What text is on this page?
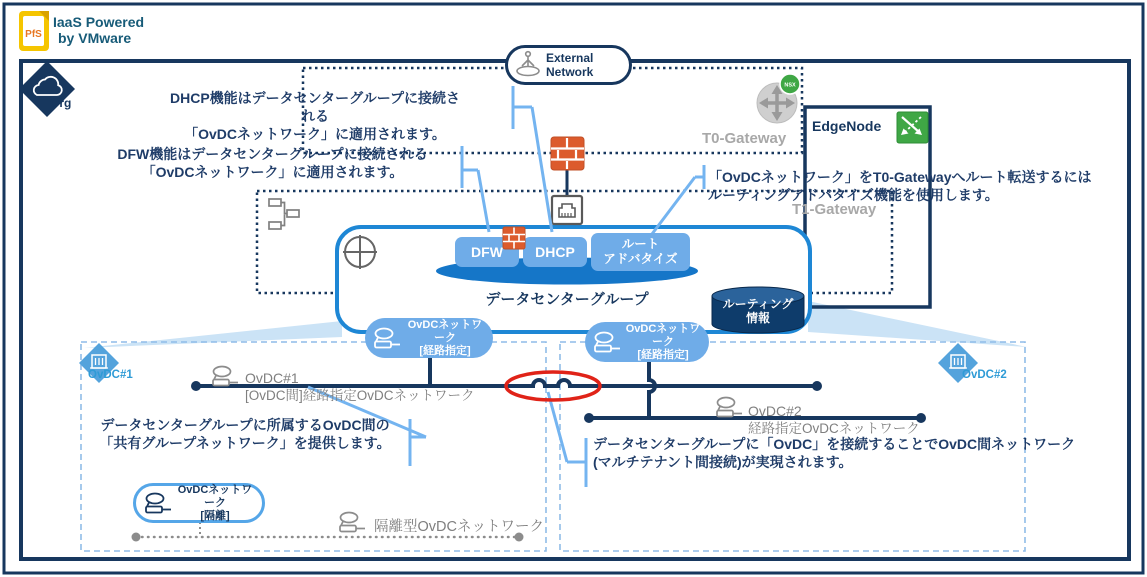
PfS
NSX
IaaS Powered
by VMware
Org
External
Network
T0-Gateway
T1-Gateway
EdgeNode
DHCP機能はデータセンターグループに接続される
「OvDCネットワーク」に適用されます。
DFW機能はデータセンターグループに接続される
「OvDCネットワーク」に適用されます。	「OvDCネットワーク」をT0-Gatewayへルート転送するには
ルーティングアドバタイズ機能を使用します。
データセンターグループに所属するOvDC間の
「共有グループネットワーク」を提供します。	データセンターグループに「OvDC」を接続することでOvDC間ネットワーク
(マルチテナント間接続)が実現されます。
DFW	DHCP	ルート
アドバタイズ
データセンターグループ	ルーティング
情報
OvDCネットワーク
[経路指定]
OvDCネットワーク
[経路指定]
OvDCネットワーク
[隔離]
OvDC#1	OvDC#2
OvDC#1
[OvDC間]経路指定OvDCネットワーク
OvDC#2
経路指定OvDCネットワーク
隔離型OvDCネットワーク
